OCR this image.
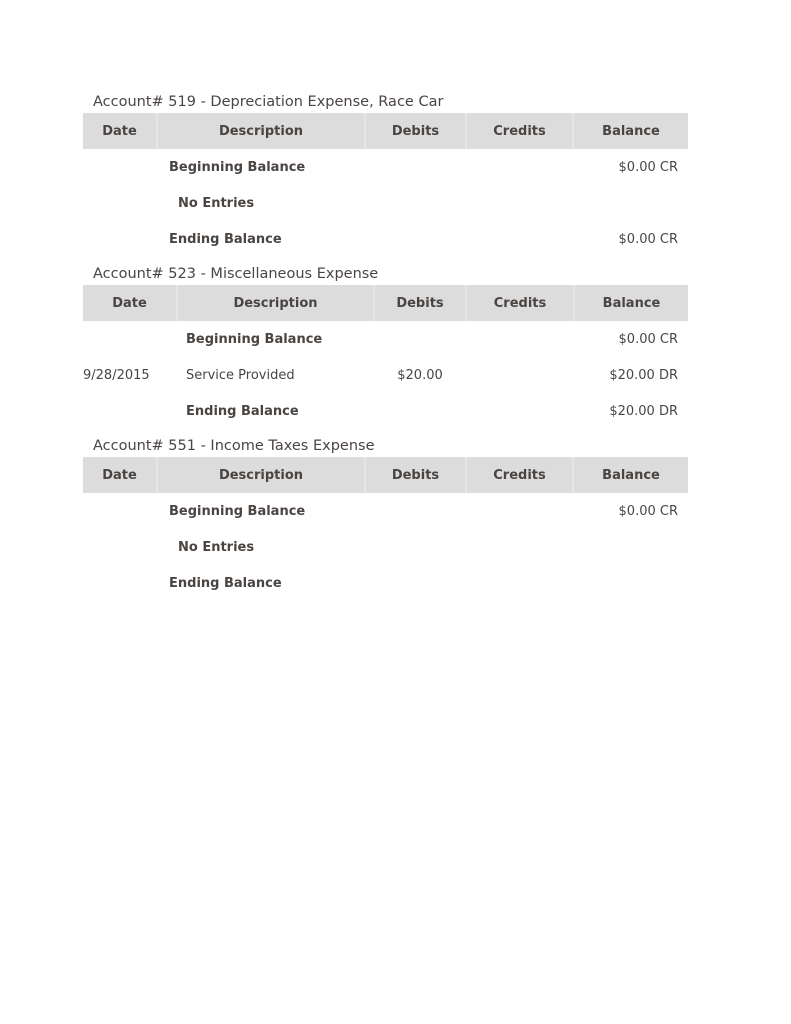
Account# 519 - Depreciation Expense, Race Car
Date	Description	Debits	Credits	Balance
	Beginning Balance			$0.00 CR
	No Entries			
	Ending Balance			$0.00 CR
Account# 523 - Miscellaneous Expense
Date	Description	Debits	Credits	Balance
	Beginning Balance			$0.00 CR
9/28/2015	Service Provided	$20.00		$20.00 DR
	Ending Balance			$20.00 DR
Account# 551 - Income Taxes Expense
Date	Description	Debits	Credits	Balance
	Beginning Balance			$0.00 CR
	No Entries			
	Ending Balance			
